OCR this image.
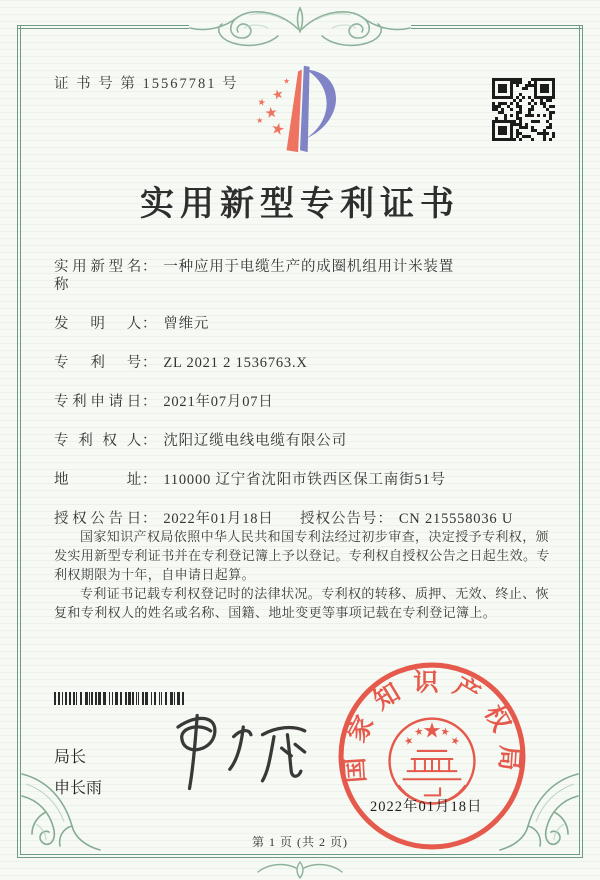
证 书 号 第 15567781 号
实用新型专利证书
实用新型名称
： 一种应用于电缆生产的成圈机组用计米装置
发明人 ： 曾维元
专利号 ： ZL 2021 2 1536763.X
专利申请日 ： 2021年07月07日
专利权人 ： 沈阳辽缆电线电缆有限公司
地址 ： 110000 辽宁省沈阳市铁西区保工南街51号
授权公告日 ： 2022年01月18日 授权公告号 ： CN 215558036 U

国家知识产权局依照中华人民共和国专利法经过初步审查，决定授予专利权，颁发实用新型专利证书并在专利登记簿上予以登记。专利权自授权公告之日起生效。专利权期限为十年，自申请日起算。

专利证书记载专利权登记时的法律状况。专利权的转移、质押、无效、终止、恢复和专利权人的姓名或名称、国籍、地址变更等事项记载在专利登记簿上。

局长
申长雨
国家知识产权局
2022年01月18日
第 1 页 (共 2 页)
